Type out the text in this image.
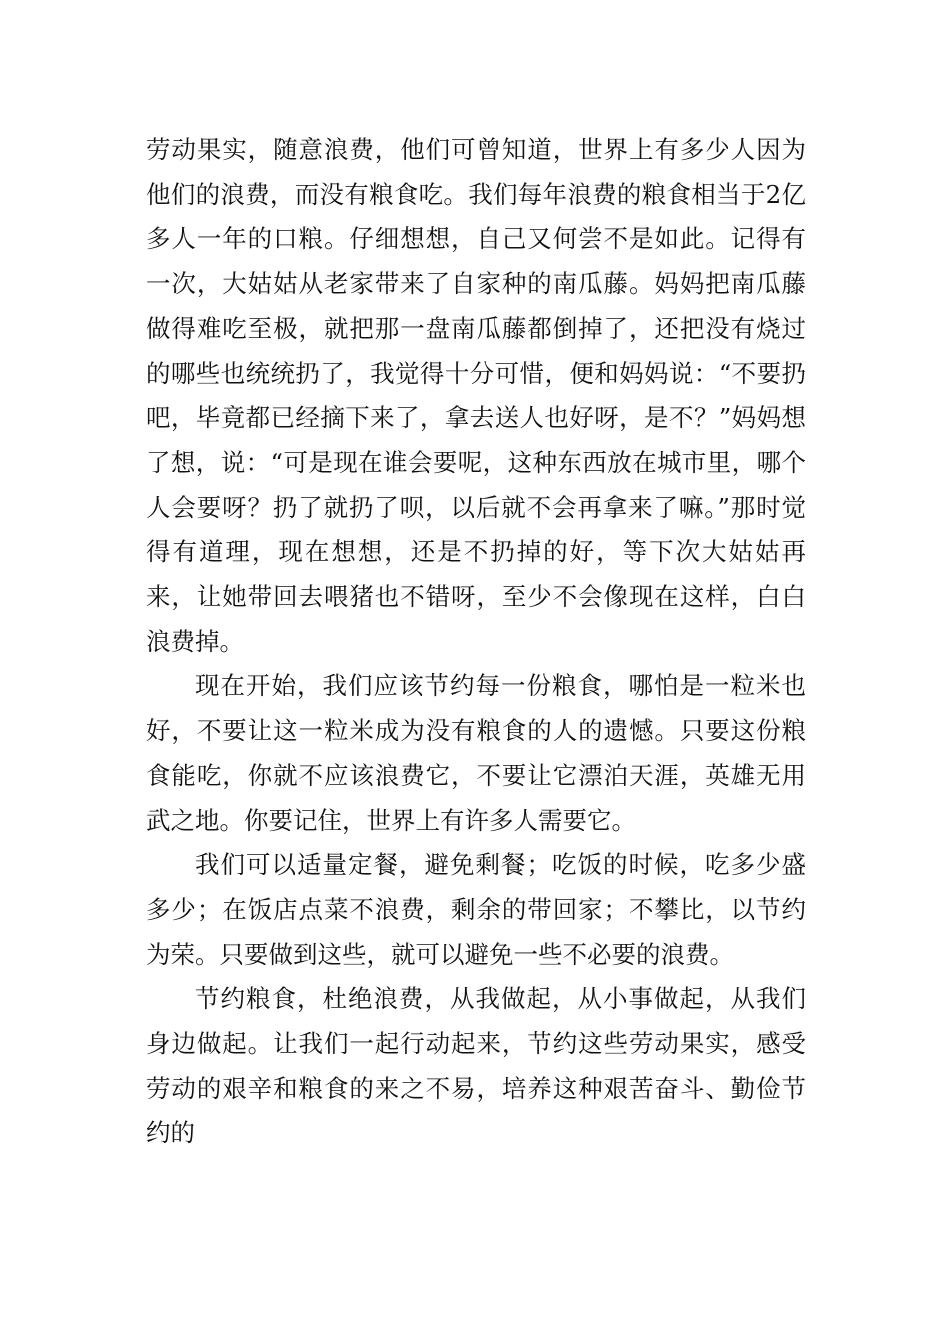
劳动果实，随意浪费，他们可曾知道，世界上有多少人因为他们的浪费，而没有粮食吃。我们每年浪费的粮食相当于2亿多人一年的口粮。仔细想想，自己又何尝不是如此。记得有一次，大姑姑从老家带来了自家种的南瓜藤。妈妈把南瓜藤做得难吃至极，就把那一盘南瓜藤都倒掉了，还把没有烧过的哪些也统统扔了，我觉得十分可惜，便和妈妈说：“不要扔吧，毕竟都已经摘下来了，拿去送人也好呀，是不？”妈妈想了想，说：“可是现在谁会要呢，这种东西放在城市里，哪个人会要呀？扔了就扔了呗，以后就不会再拿来了嘛。”那时觉得有道理，现在想想，还是不扔掉的好，等下次大姑姑再来，让她带回去喂猪也不错呀，至少不会像现在这样，白白浪费掉。

现在开始，我们应该节约每一份粮食，哪怕是一粒米也好，不要让这一粒米成为没有粮食的人的遗憾。只要这份粮食能吃，你就不应该浪费它，不要让它漂泊天涯，英雄无用武之地。你要记住，世界上有许多人需要它。

我们可以适量定餐，避免剩餐；吃饭的时候，吃多少盛多少；在饭店点菜不浪费，剩余的带回家；不攀比，以节约为荣。只要做到这些，就可以避免一些不必要的浪费。

节约粮食，杜绝浪费，从我做起，从小事做起，从我们身边做起。让我们一起行动起来，节约这些劳动果实，感受劳动的艰辛和粮食的来之不易，培养这种艰苦奋斗、勤俭节约的
